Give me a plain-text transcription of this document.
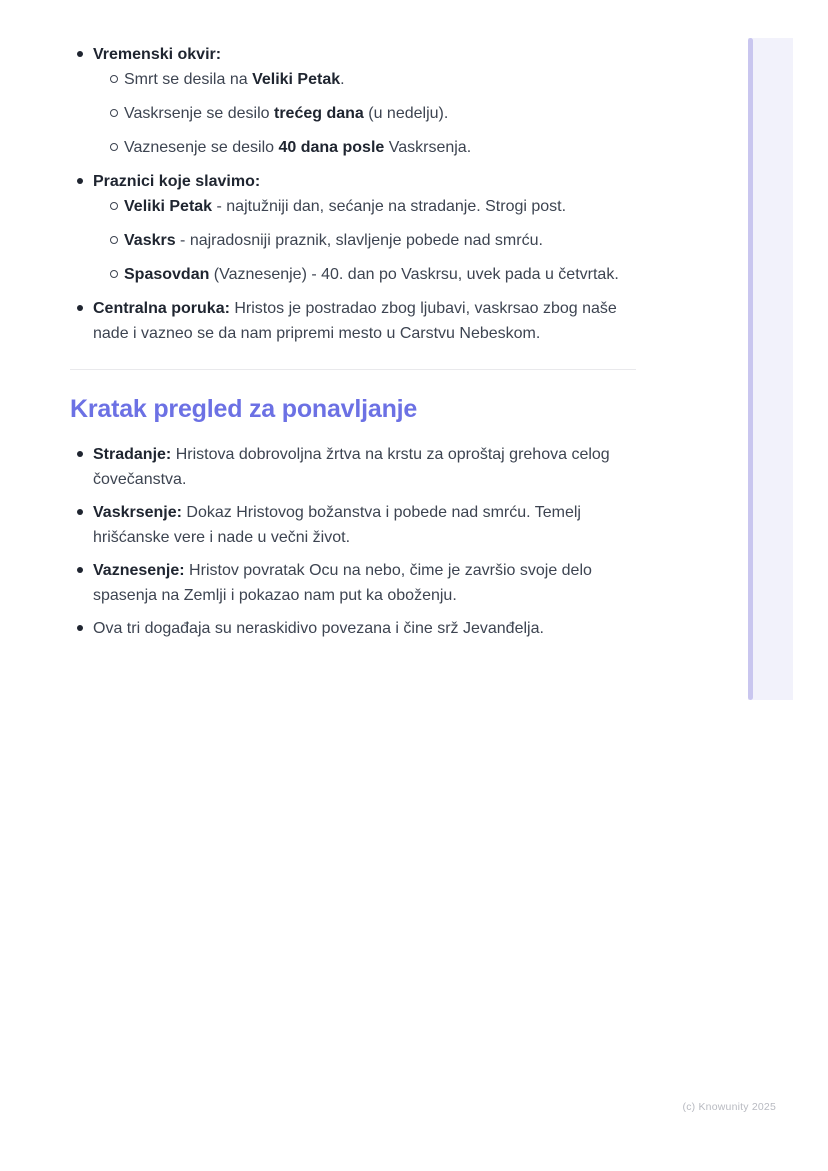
Vremenski okvir:
Smrt se desila na Veliki Petak.
Vaskrsenje se desilo trećeg dana (u nedelju).
Vaznesenje se desilo 40 dana posle Vaskrsenja.
Praznici koje slavimo:
Veliki Petak - najtužniji dan, sećanje na stradanje. Strogi post.
Vaskrs - najradosniji praznik, slavljenje pobede nad smrću.
Spasovdan (Vaznesenje) - 40. dan po Vaskrsu, uvek pada u četvrtak.
Centralna poruka: Hristos je postradao zbog ljubavi, vaskrsao zbog naše nade i vazneo se da nam pripremi mesto u Carstvu Nebeskom.
Kratak pregled za ponavljanje
Stradanje: Hristova dobrovoljna žrtva na krstu za oproštaj grehova celog čovečanstva.
Vaskrsenje: Dokaz Hristovog božanstva i pobede nad smrću. Temelj hrišćanske vere i nade u večni život.
Vaznesenje: Hristov povratak Ocu na nebo, čime je završio svoje delo spasenja na Zemlji i pokazao nam put ka oboženju.
Ova tri događaja su neraskidivo povezana i čine srž Jevanđelja.
(c) Knowunity 2025
